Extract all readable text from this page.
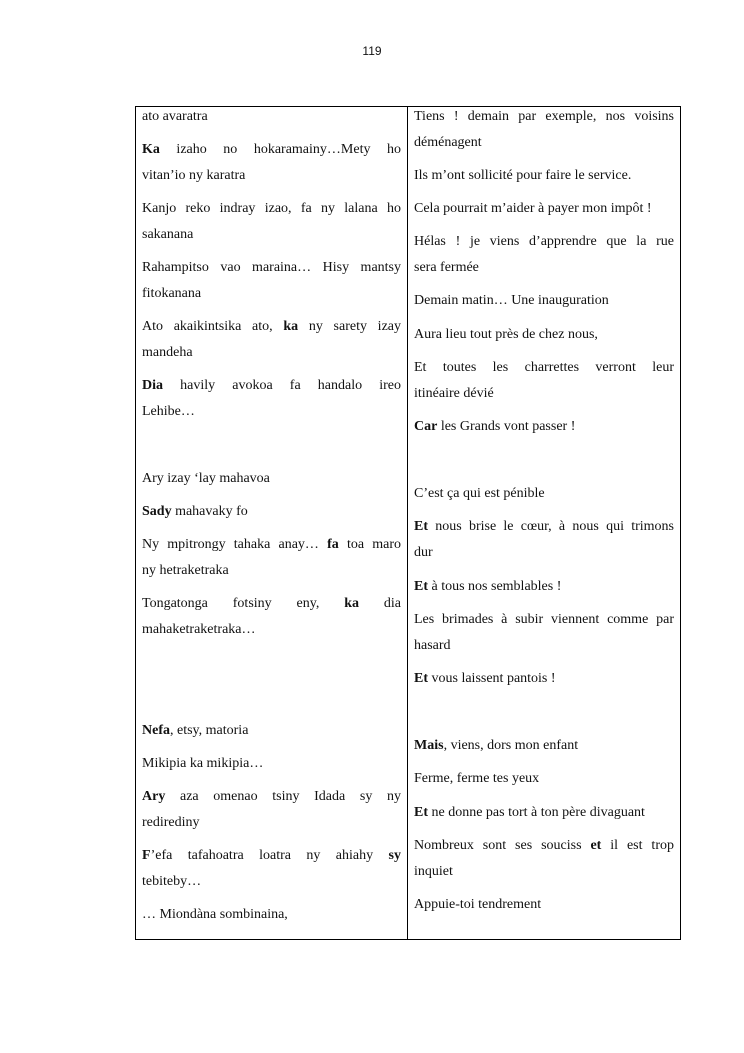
119
ato avaratra
Ka izaho no hokaramainy…Mety ho
vitan’io ny karatra
Kanjo reko indray izao, fa ny lalana ho
sakanana
Rahampitso vao maraina… Hisy mantsy
fitokanana
Ato akaikintsika ato, ka ny sarety izay
mandeha
Dia havily avokoa fa handalo ireo
Lehibe…
Ary izay ‘lay mahavoa
Sady mahavaky fo
Ny mpitrongy tahaka anay… fa toa maro
ny hetraketraka
Tongatonga fotsiny eny, ka dia
mahaketraketraka…
Nefa, etsy, matoria
Mikipia ka mikipia…
Ary aza omenao tsiny Idada sy ny
redirediny
F’efa tafahoatra loatra ny ahiahy sy
tebiteby…
… Miondàna sombinaina,
Tiens ! demain par exemple, nos voisins
déménagent
Ils m’ont sollicité pour faire le service.
Cela pourrait m’aider à payer mon impôt !
Hélas ! je viens d’apprendre que la rue
sera fermée
Demain matin… Une inauguration
Aura lieu tout près de chez nous,
Et toutes les charrettes verront leur
itinéaire dévié
Car les Grands vont passer !
C’est ça qui est pénible
Et nous brise le cœur, à nous qui trimons
dur
Et à tous nos semblables !
Les brimades à subir viennent comme par
hasard
Et vous laissent pantois !
Mais, viens, dors mon enfant
Ferme, ferme tes yeux
Et ne donne pas tort à ton père divaguant
Nombreux sont ses souciss et il est trop
inquiet
Appuie-toi tendrement
